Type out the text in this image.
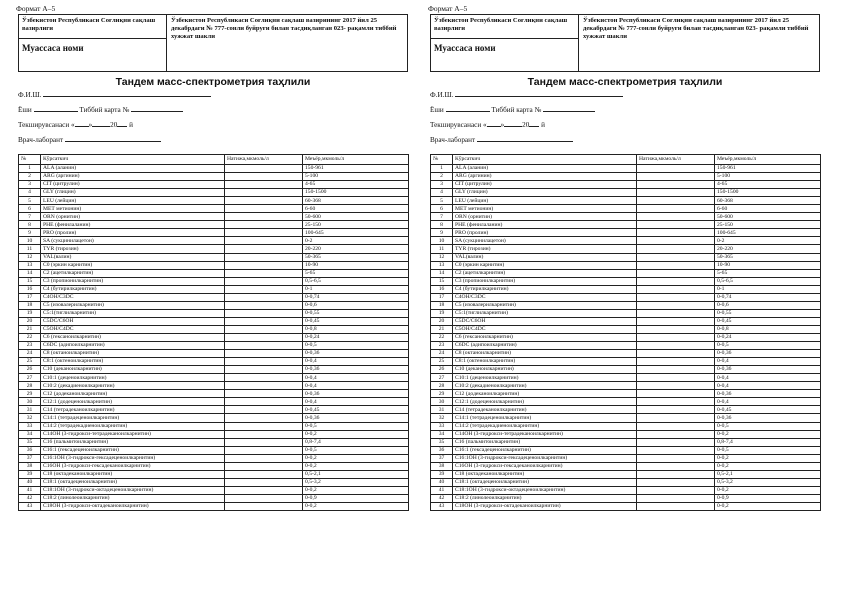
Формат А–5
Ўзбекистон Республикаси Соғлиқни сақлаш вазирлиги
Муассаса номи
Ўзбекистон Республикаси Соғлиқни сақлаш вазирининг 2017 йил 25 декабрдаги № 777-сонли буйруғи билан тасдиқланган 023- рақамли тиббий хужжат шакли
Тандем масс-спектрометрия таҳлили
Ф.И.Ш.
Ёши	Тиббий карта №
Текширувсанаси « »	20 й
Врач-лаборант
№	Кўрсаткич	Натижа,мкмоль/л	Меъёр,мкмоль/л
1	ALA (аланин)		150-961
2	ARG (аргинин)		5-100
3	CIT (цитрулин)		4-65
4	GLY (глицин)		150-1500
5	LEU (лейцин)		60-368
6	MET метионин)		6-60
7	ORN (орнитин)		50-600
8	PHE (фенилаланин)		25-150
9	PRO (пролин)		100-645
10	SA (сукцинилацетон)		0-2
11	TYR (тирозин)		20-220
12	VAL(валин)		50-365
13	C0 (эркин карнитин)		10-90
14	C2 (ацетилкарнитин)		5-65
15	C3 (пропионилкарнитин)		0,5-6,5
16	C4 (бутирилкарнитин)		0-1
17	C4OH/C3DC		0-0,74
18	C5 (изовалерилкарнитин)		0-0,6
19	C5:1(тиглилкарнитин)		0-0,55
20	C5DC/C6OH		0-0,45
21	C5OH/C4DC		0-0,8
22	C6 (гексаноилкарнитин)		0-0,24
23	C6DC (адипоилкарнитин)		0-0,5
24	C8 (октаноилкарнитин)		0-0,36
25	C8:1 (октеноилкарнитин)		0-0,4
26	C10 (деканоилкарнитин)		0-0,36
27	C10:1 (деценоилкарнитин)		0-0,4
28	C10:2 (декадиеноилкарнитин)		0-0,4
29	C12 (додеканоилкарнитин)		0-0,36
30	C12:1 (додеценоилкарнитин)		0-0,4
31	C14 (тетрадеканоилкарнитин)		0-0,45
32	C14:1 (тетрадеценоилкарнитин)		0-0,36
33	C14:2 (тетрадекадиеноилкарнитин)		0-0,5
34	C14OH (3-гидрокси-тетрадеканоилкарнитин)		0-0,2
35	C16 (пальмитоилкарнитин)		0,8-7,4
36	C16:1 (гексадеценоилкарнитин)		0-0,5
37	C16:1OH (3-гидрокси-гексадеценоилкарнитин)		0-0,2
38	C16OH (3-гидрокси-гексадеканоилкарнитин)		0-0,2
39	C18 (октадеканоилкарнитин)		0,5-2,1
40	C18:1 (октадеценоилкарнитин)		0,5-3,2
41	C18:1OH (3-гидрокси-октадеценоилкарнитин)		0-0,2
42	C18:2 (линолеоилкарнитин)		0-0,9
43	C18OH (3-гидрокси-октадеканоилкарнитин)		0-0,2
Формат А–5
Ўзбекистон Республикаси Соғлиқни сақлаш вазирлиги
Муассаса номи
Ўзбекистон Республикаси Соғлиқни сақлаш вазирининг 2017 йил 25 декабрдаги № 777-сонли буйруғи билан тасдиқланган 023- рақамли тиббий хужжат шакли
Тандем масс-спектрометрия таҳлили
Ф.И.Ш.
Ёши	Тиббий карта №
Текширувсанаси « »	20 й
Врач-лаборант
№	Кўрсаткич	Натижа,мкмоль/л	Меъёр,мкмоль/л
1	ALA (аланин)		150-961
2	ARG (аргинин)		5-100
3	CIT (цитрулин)		4-65
4	GLY (глицин)		150-1500
5	LEU (лейцин)		60-368
6	MET метионин)		6-60
7	ORN (орнитин)		50-600
8	PHE (фенилаланин)		25-150
9	PRO (пролин)		100-645
10	SA (сукцинилацетон)		0-2
11	TYR (тирозин)		20-220
12	VAL(валин)		50-365
13	C0 (эркин карнитин)		10-90
14	C2 (ацетилкарнитин)		5-65
15	C3 (пропионилкарнитин)		0,5-6,5
16	C4 (бутирилкарнитин)		0-1
17	C4OH/C3DC		0-0,74
18	C5 (изовалерилкарнитин)		0-0,6
19	C5:1(тиглилкарнитин)		0-0,55
20	C5DC/C6OH		0-0,45
21	C5OH/C4DC		0-0,8
22	C6 (гексаноилкарнитин)		0-0,24
23	C6DC (адипоилкарнитин)		0-0,5
24	C8 (октаноилкарнитин)		0-0,36
25	C8:1 (октеноилкарнитин)		0-0,4
26	C10 (деканоилкарнитин)		0-0,36
27	C10:1 (деценоилкарнитин)		0-0,4
28	C10:2 (декадиеноилкарнитин)		0-0,4
29	C12 (додеканоилкарнитин)		0-0,36
30	C12:1 (додеценоилкарнитин)		0-0,4
31	C14 (тетрадеканоилкарнитин)		0-0,45
32	C14:1 (тетрадеценоилкарнитин)		0-0,36
33	C14:2 (тетрадекадиеноилкарнитин)		0-0,5
34	C14OH (3-гидрокси-тетрадеканоилкарнитин)		0-0,2
35	C16 (пальмитоилкарнитин)		0,8-7,4
36	C16:1 (гексадеценоилкарнитин)		0-0,5
37	C16:1OH (3-гидрокси-гексадеценоилкарнитин)		0-0,2
38	C16OH (3-гидрокси-гексадеканоилкарнитин)		0-0,2
39	C18 (октадеканоилкарнитин)		0,5-2,1
40	C18:1 (октадеценоилкарнитин)		0,5-3,2
41	C18:1OH (3-гидрокси-октадеценоилкарнитин)		0-0,2
42	C18:2 (линолеоилкарнитин)		0-0,9
43	C18OH (3-гидрокси-октадеканоилкарнитин)		0-0,2
